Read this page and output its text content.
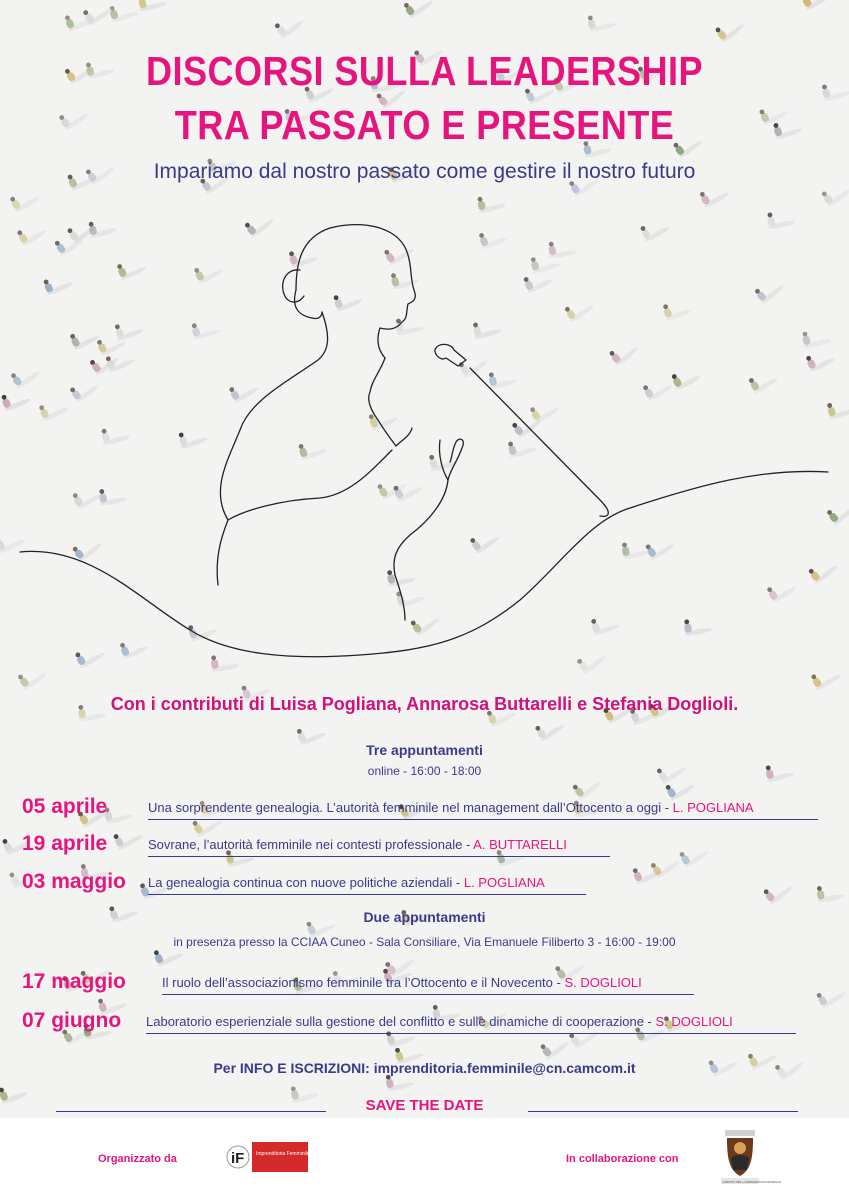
DISCORSI SULLA LEADERSHIP
TRA PASSATO E PRESENTE
Impariamo dal nostro passato come gestire il nostro futuro
Con i contributi di Luisa Pogliana, Annarosa Buttarelli e Stefania Doglioli.
Tre appuntamenti
online - 16:00 - 18:00
05 aprile	Una sorprendente genealogia. L’autorità femminile nel management dall’Ottocento a oggi - L. POGLIANA
19 aprile	Sovrane, l’autorità femminile nei contesti professionale - A. BUTTARELLI
03 maggio La genealogia continua con nuove politiche aziendali - L. POGLIANA
Due appuntamenti
in presenza presso la CCIAA Cuneo - Sala Consiliare, Via Emanuele Filiberto 3 - 16:00 - 19:00
17 maggio	Il ruolo dell’associazionismo femminile tra l’Ottocento e il Novecento - S. DOGLIOLI
07 giugno Laboratorio esperienziale sulla gestione del conflitto e sulle dinamiche di cooperazione - S. DOGLIOLI
Per INFO E ISCRIZIONI: imprenditoria.femminile@cn.camcom.it
SAVE THE DATE
Organizzato da	iF Imprenditoria Femminile CUNEO	In collaborazione con
COMITATO PER LA IMPRENDITORIA FEMMINILE
